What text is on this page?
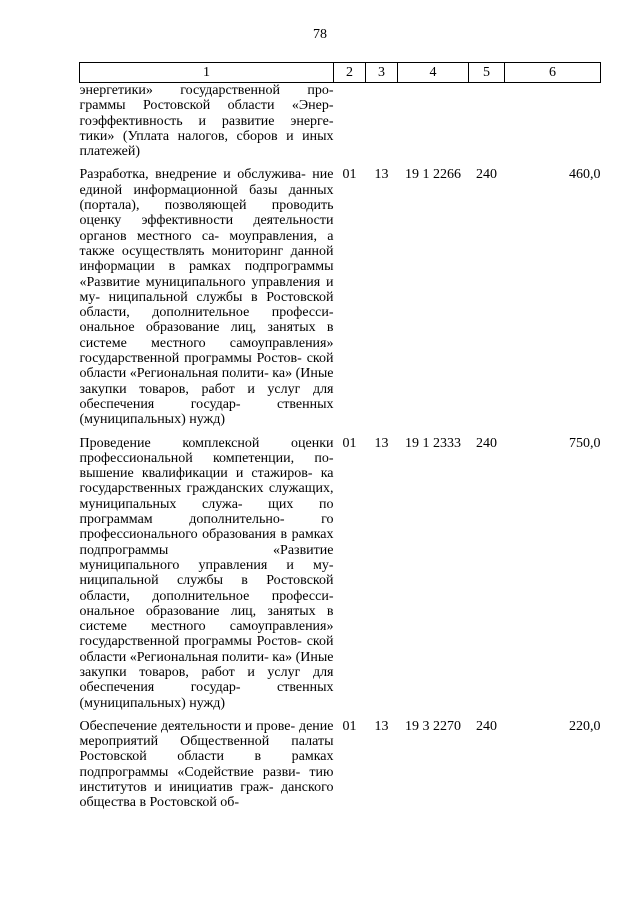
78
1	2	3	4	5	6
энергетики» государственной про- граммы Ростовской области «Энер- гоэффективность и развитие энерге- тики» (Уплата налогов, сборов и иных платежей)					
Разработка, внедрение и обслужива- ние единой информационной базы данных (портала), позволяющей проводить оценку эффективности деятельности органов местного са- моуправления, а также осуществлять мониторинг данной информации в рамках подпрограммы «Развитие муниципального управления и му- ниципальной службы в Ростовской области, дополнительное професси- ональное образование лиц, занятых в системе местного самоуправления» государственной программы Ростов- ской области «Региональная полити- ка» (Иные закупки товаров, работ и услуг для обеспечения государ- ственных (муниципальных) нужд)	01	13	19 1 2266	240	460,0
Проведение комплексной оценки профессиональной компетенции, по- вышение квалификации и стажиров- ка государственных гражданских служащих, муниципальных служа- щих по программам дополнительно- го профессионального образования в рамках подпрограммы «Развитие муниципального управления и му- ниципальной службы в Ростовской области, дополнительное професси- ональное образование лиц, занятых в системе местного самоуправления» государственной программы Ростов- ской области «Региональная полити- ка» (Иные закупки товаров, работ и услуг для обеспечения государ- ственных (муниципальных) нужд)	01	13	19 1 2333	240	750,0
Обеспечение деятельности и прове- дение мероприятий Общественной палаты Ростовской области в рамках подпрограммы «Содействие разви- тию институтов и инициатив граж- данского общества в Ростовской об-	01	13	19 3 2270	240	220,0
